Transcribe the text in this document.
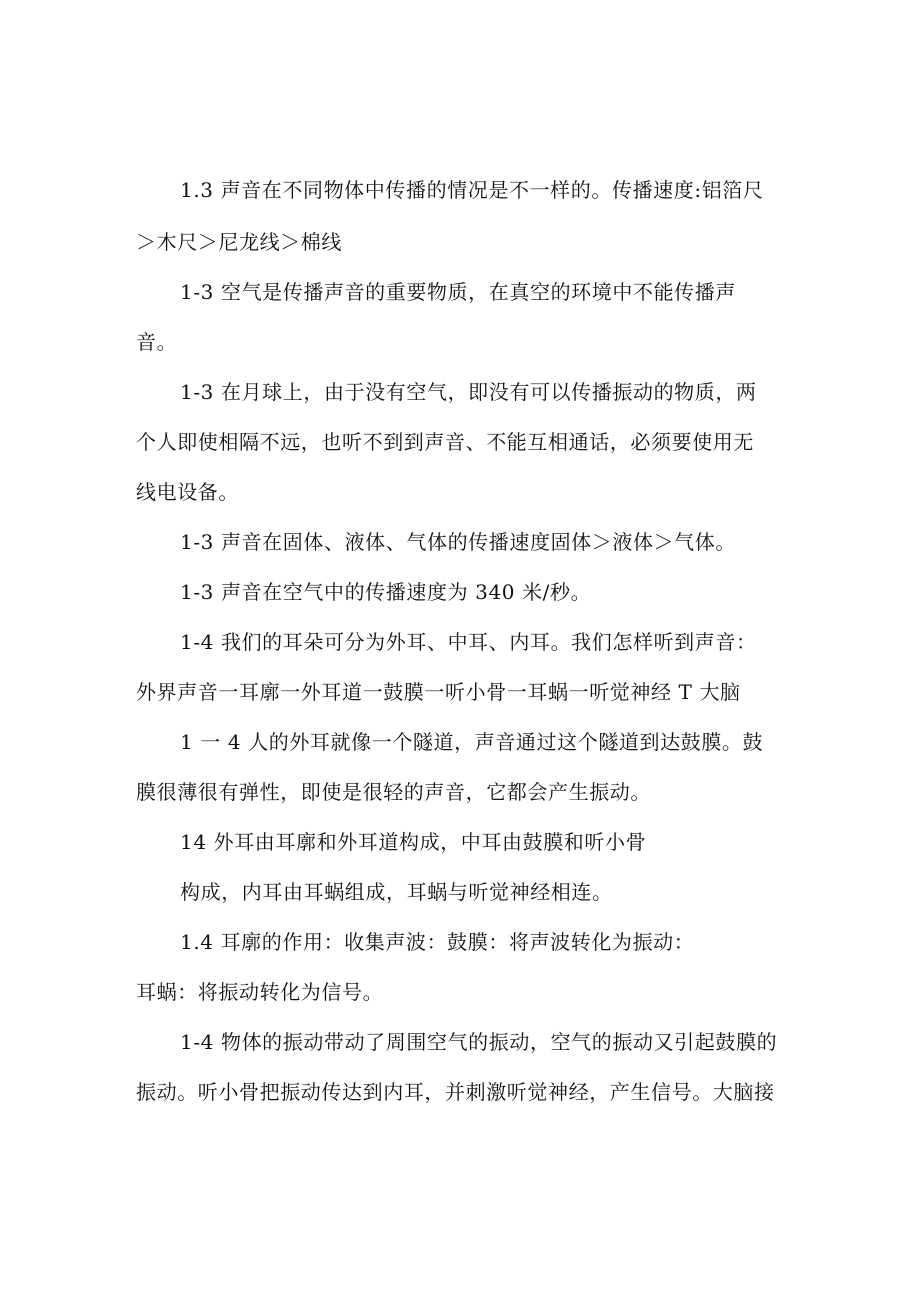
1.3 声音在不同物体中传播的情况是不一样的。传播速度:铝箔尺
＞木尺＞尼龙线＞棉线
1-3 空气是传播声音的重要物质，在真空的环境中不能传播声
音。
1-3 在月球上，由于没有空气，即没有可以传播振动的物质，两
个人即使相隔不远，也听不到到声音、不能互相通话，必须要使用无
线电设备。
1-3 声音在固体、液体、气体的传播速度固体＞液体＞气体。
1-3 声音在空气中的传播速度为 340 米/秒。
1-4 我们的耳朵可分为外耳、中耳、内耳。我们怎样听到声音：
外界声音一耳廓一外耳道一鼓膜一听小骨一耳蜗一听觉神经 T 大脑
1 一 4 人的外耳就像一个隧道，声音通过这个隧道到达鼓膜。鼓
膜很薄很有弹性，即使是很轻的声音，它都会产生振动。
14 外耳由耳廓和外耳道构成，中耳由鼓膜和听小骨
构成，内耳由耳蜗组成，耳蜗与听觉神经相连。
1.4 耳廓的作用：收集声波：鼓膜：将声波转化为振动：
耳蜗：将振动转化为信号。
1-4 物体的振动带动了周围空气的振动，空气的振动又引起鼓膜的
振动。听小骨把振动传达到内耳，并刺激听觉神经，产生信号。大脑接
